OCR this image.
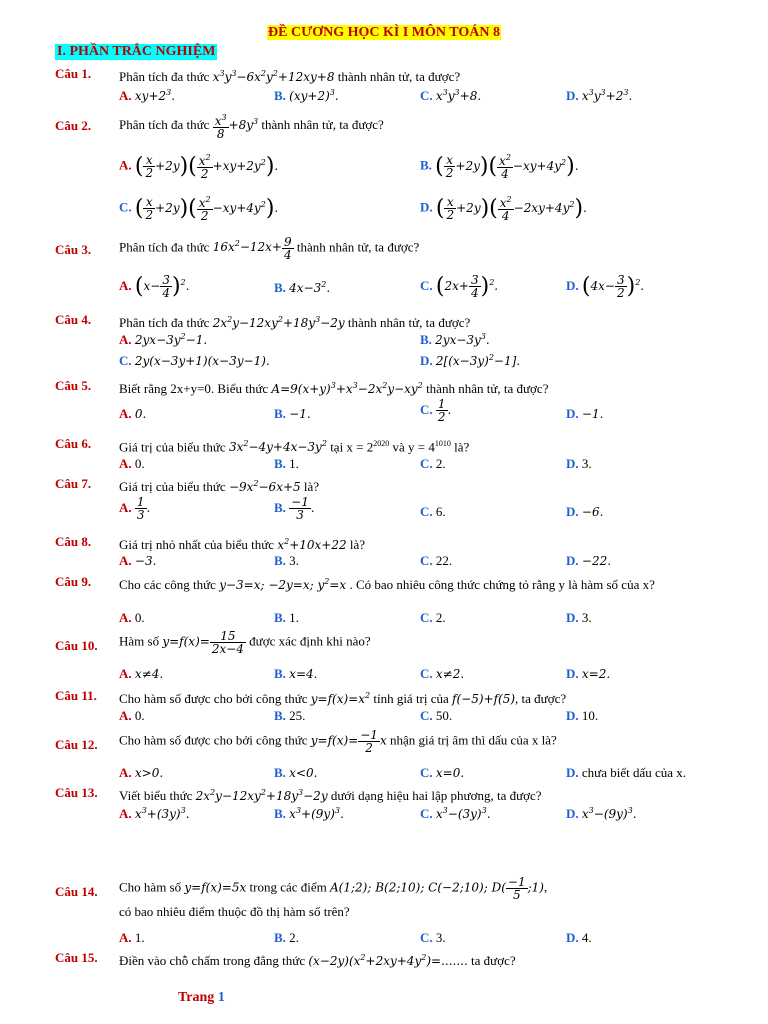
ĐỀ CƯƠNG HỌC KÌ I MÔN TOÁN 8
I. PHẦN TRẮC NGHIỆM
Câu 1. Phân tích đa thức $x^3y^3-6x^2y^2+12xy+8$ thành nhân tử, ta được?
A. $xy+2^3$.	B. $(xy+2)^3$.	C. $x^3y^3+8$.	D. $x^3y^3+2^3$.
Câu 2. Phân tích đa thức $\frac{x^3}{8} +8y^3$ thành nhân tử, ta được?
A. ( $\frac{x}{2} +2y)( \frac{x^2}{2} +xy+2y^2)$.	B. ( $\frac{x}{2} +2y)( \frac{x^2}{4} -xy+4y^2)$.
C. ( $\frac{x}{2} +2y)( \frac{x^2}{2} -xy+4y^2)$.	D. ( $\frac{x}{2} +2y)( \frac{x^2}{4} -2xy+4y^2)$.
Câu 3. Phân tích đa thức $16x^2-12x+ \frac{9}{4}$ thành nhân tử, ta được?
A. $(x- \frac{3}{4} )^2$.	B. $4x-3^2$.	C. $(2x+ \frac{3}{4} )^2$.	D. $(4x- \frac{3}{2} )^2$.
Câu 4. Phân tích đa thức $2x^2y-12xy^2+18y^3-2y$ thành nhân tử, ta được?
A. $2yx-3y^2-1$.	B. $2yx-3y^3$.
C. 2y(x−3y+1)(x−3y−1).	D. $2[(x-3y)^2-1]$.
Câu 5. Biết rằng 2x+y=0. Biểu thức $A=9(x+y)^3+x^3-2x^2y-xy^2$ thành nhân tử, ta được?
A. 0.	B. −1.	C. $\frac{1}{2}$ .	D. −1.
Câu 6. Giá trị của biểu thức $3x^2-4y+4x-3y^2$ tại $x = 2^{2020}$ và $y = 4^{1010}$ là?
A. 0.	B. 1.	C. 2.	D. 3.
Câu 7. Giá trị của biểu thức $-9x^2-6x+5$ là?
A. $\frac{1}{3}$ .	B. $\frac{-1}{3}$ .	C. 6.	D. −6.
Câu 8. Giá trị nhỏ nhất của biểu thức $x^2+10x+22$ là?
A. −3.	B. 3.	C. 22.	D. −22.
Câu 9. Cho các công thức y−3=x; −2y=x; $y^2=x$ . Có bao nhiêu công thức chứng tỏ rằng y là hàm số của x?
A. 0.	B. 1.	C. 2.	D. 3.
Câu 10. Hàm số $y=f(x)= \frac{15}{2x-4}$ được xác định khi nào?
A. x≠4.	B. x=4.	C. x≠2.	D. x=2.
Câu 11. Cho hàm số được cho bởi công thức $y=f(x)=x^2$ tính giá trị của f(−5)+f(5), ta được?
A. 0.	B. 25.	C. 50.	D. 10.
Câu 12. Cho hàm số được cho bởi công thức $y=f(x)= \frac{-1}{2}$ x nhận giá trị âm thì dấu của x là?
A. x>0.	B. x<0.	C. x=0.	D. chưa biết dấu của x.
Câu 13. Viết biểu thức $2x^2y-12xy^2+18y^3-2y$ dưới dạng hiệu hai lập phương, ta được?
A. $x^3+(3y)^3$.	B. $x^3+(9y)^3$.	C. $x^3-(3y)^3$.	D. $x^3-(9y)^3$.
Câu 14. Cho hàm số y=f(x)=5x trong các điểm A(1;2); B(2;10); C(−2;10); $D( \frac{-1}{5}$ ;1),
có bao nhiêu điểm thuộc đồ thị hàm số trên?
A. 1.	B. 2.	C. 3.	D. 4.
Câu 15. Điền vào chỗ chấm trong đẳng thức $(x-2y)(x^2+2xy+4y^2)=$....... ta được?
Trang 1
